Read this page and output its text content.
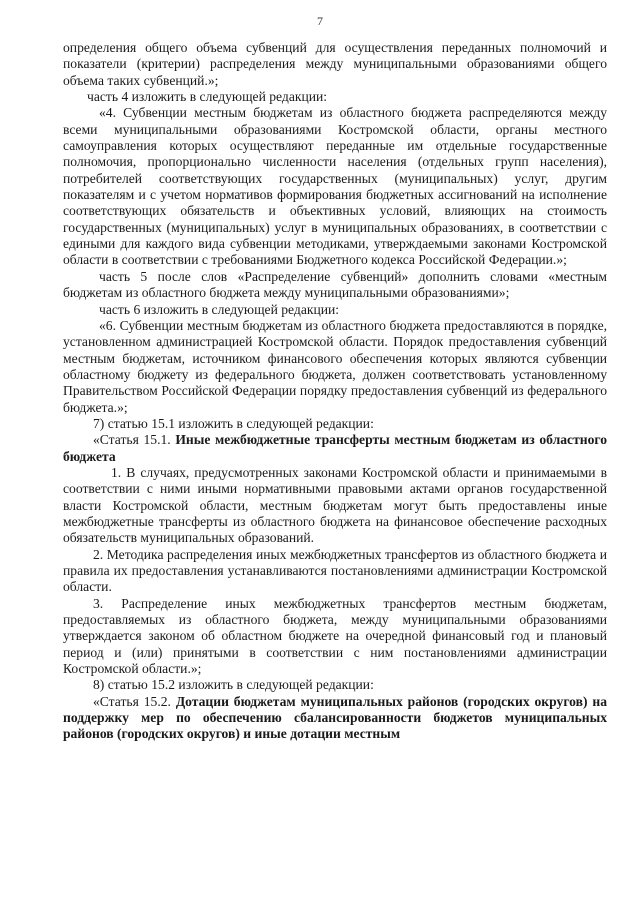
7

определения общего объема субвенций для осуществления переданных полномочий и показатели (критерии) распределения между муниципальными образованиями общего объема таких субвенций.»;

часть 4 изложить в следующей редакции:

«4. Субвенции местным бюджетам из областного бюджета распределяются между всеми муниципальными образованиями Костромской области, органы местного самоуправления которых осуществляют переданные им отдельные государственные полномочия, пропорционально численности населения (отдельных групп населения), потребителей соответствующих государственных (муниципальных) услуг, другим показателям и с учетом нормативов формирования бюджетных ассигнований на исполнение соответствующих обязательств и объективных условий, влияющих на стоимость государственных (муниципальных) услуг в муниципальных образованиях, в соответствии с едиными для каждого вида субвенции методиками, утверждаемыми законами Костромской области в соответствии с требованиями Бюджетного кодекса Российской Федерации.»;

часть 5 после слов «Распределение субвенций» дополнить словами «местным бюджетам из областного бюджета между муниципальными образованиями»;

часть 6 изложить в следующей редакции:

«6. Субвенции местным бюджетам из областного бюджета предоставляются в порядке, установленном администрацией Костромской области. Порядок предоставления субвенций местным бюджетам, источником финансового обеспечения которых являются субвенции областному бюджету из федерального бюджета, должен соответствовать установленному Правительством Российской Федерации порядку предоставления субвенций из федерального бюджета.»;

7) статью 15.1 изложить в следующей редакции:

«Статья 15.1. Иные межбюджетные трансферты местным бюджетам из областного бюджета

1. В случаях, предусмотренных законами Костромской области и принимаемыми в соответствии с ними иными нормативными правовыми актами органов государственной власти Костромской области, местным бюджетам могут быть предоставлены иные межбюджетные трансферты из областного бюджета на финансовое обеспечение расходных обязательств муниципальных образований.

2. Методика распределения иных межбюджетных трансфертов из областного бюджета и правила их предоставления устанавливаются постановлениями администрации Костромской области.

3. Распределение иных межбюджетных трансфертов местным бюджетам, предоставляемых из областного бюджета, между муниципальными образованиями утверждается законом об областном бюджете на очередной финансовый год и плановый период и (или) принятыми в соответствии с ним постановлениями администрации Костромской области.»;

8) статью 15.2 изложить в следующей редакции:

«Статья 15.2. Дотации бюджетам муниципальных районов (городских округов) на поддержку мер по обеспечению сбалансированности бюджетов муниципальных районов (городских округов) и иные дотации местным
